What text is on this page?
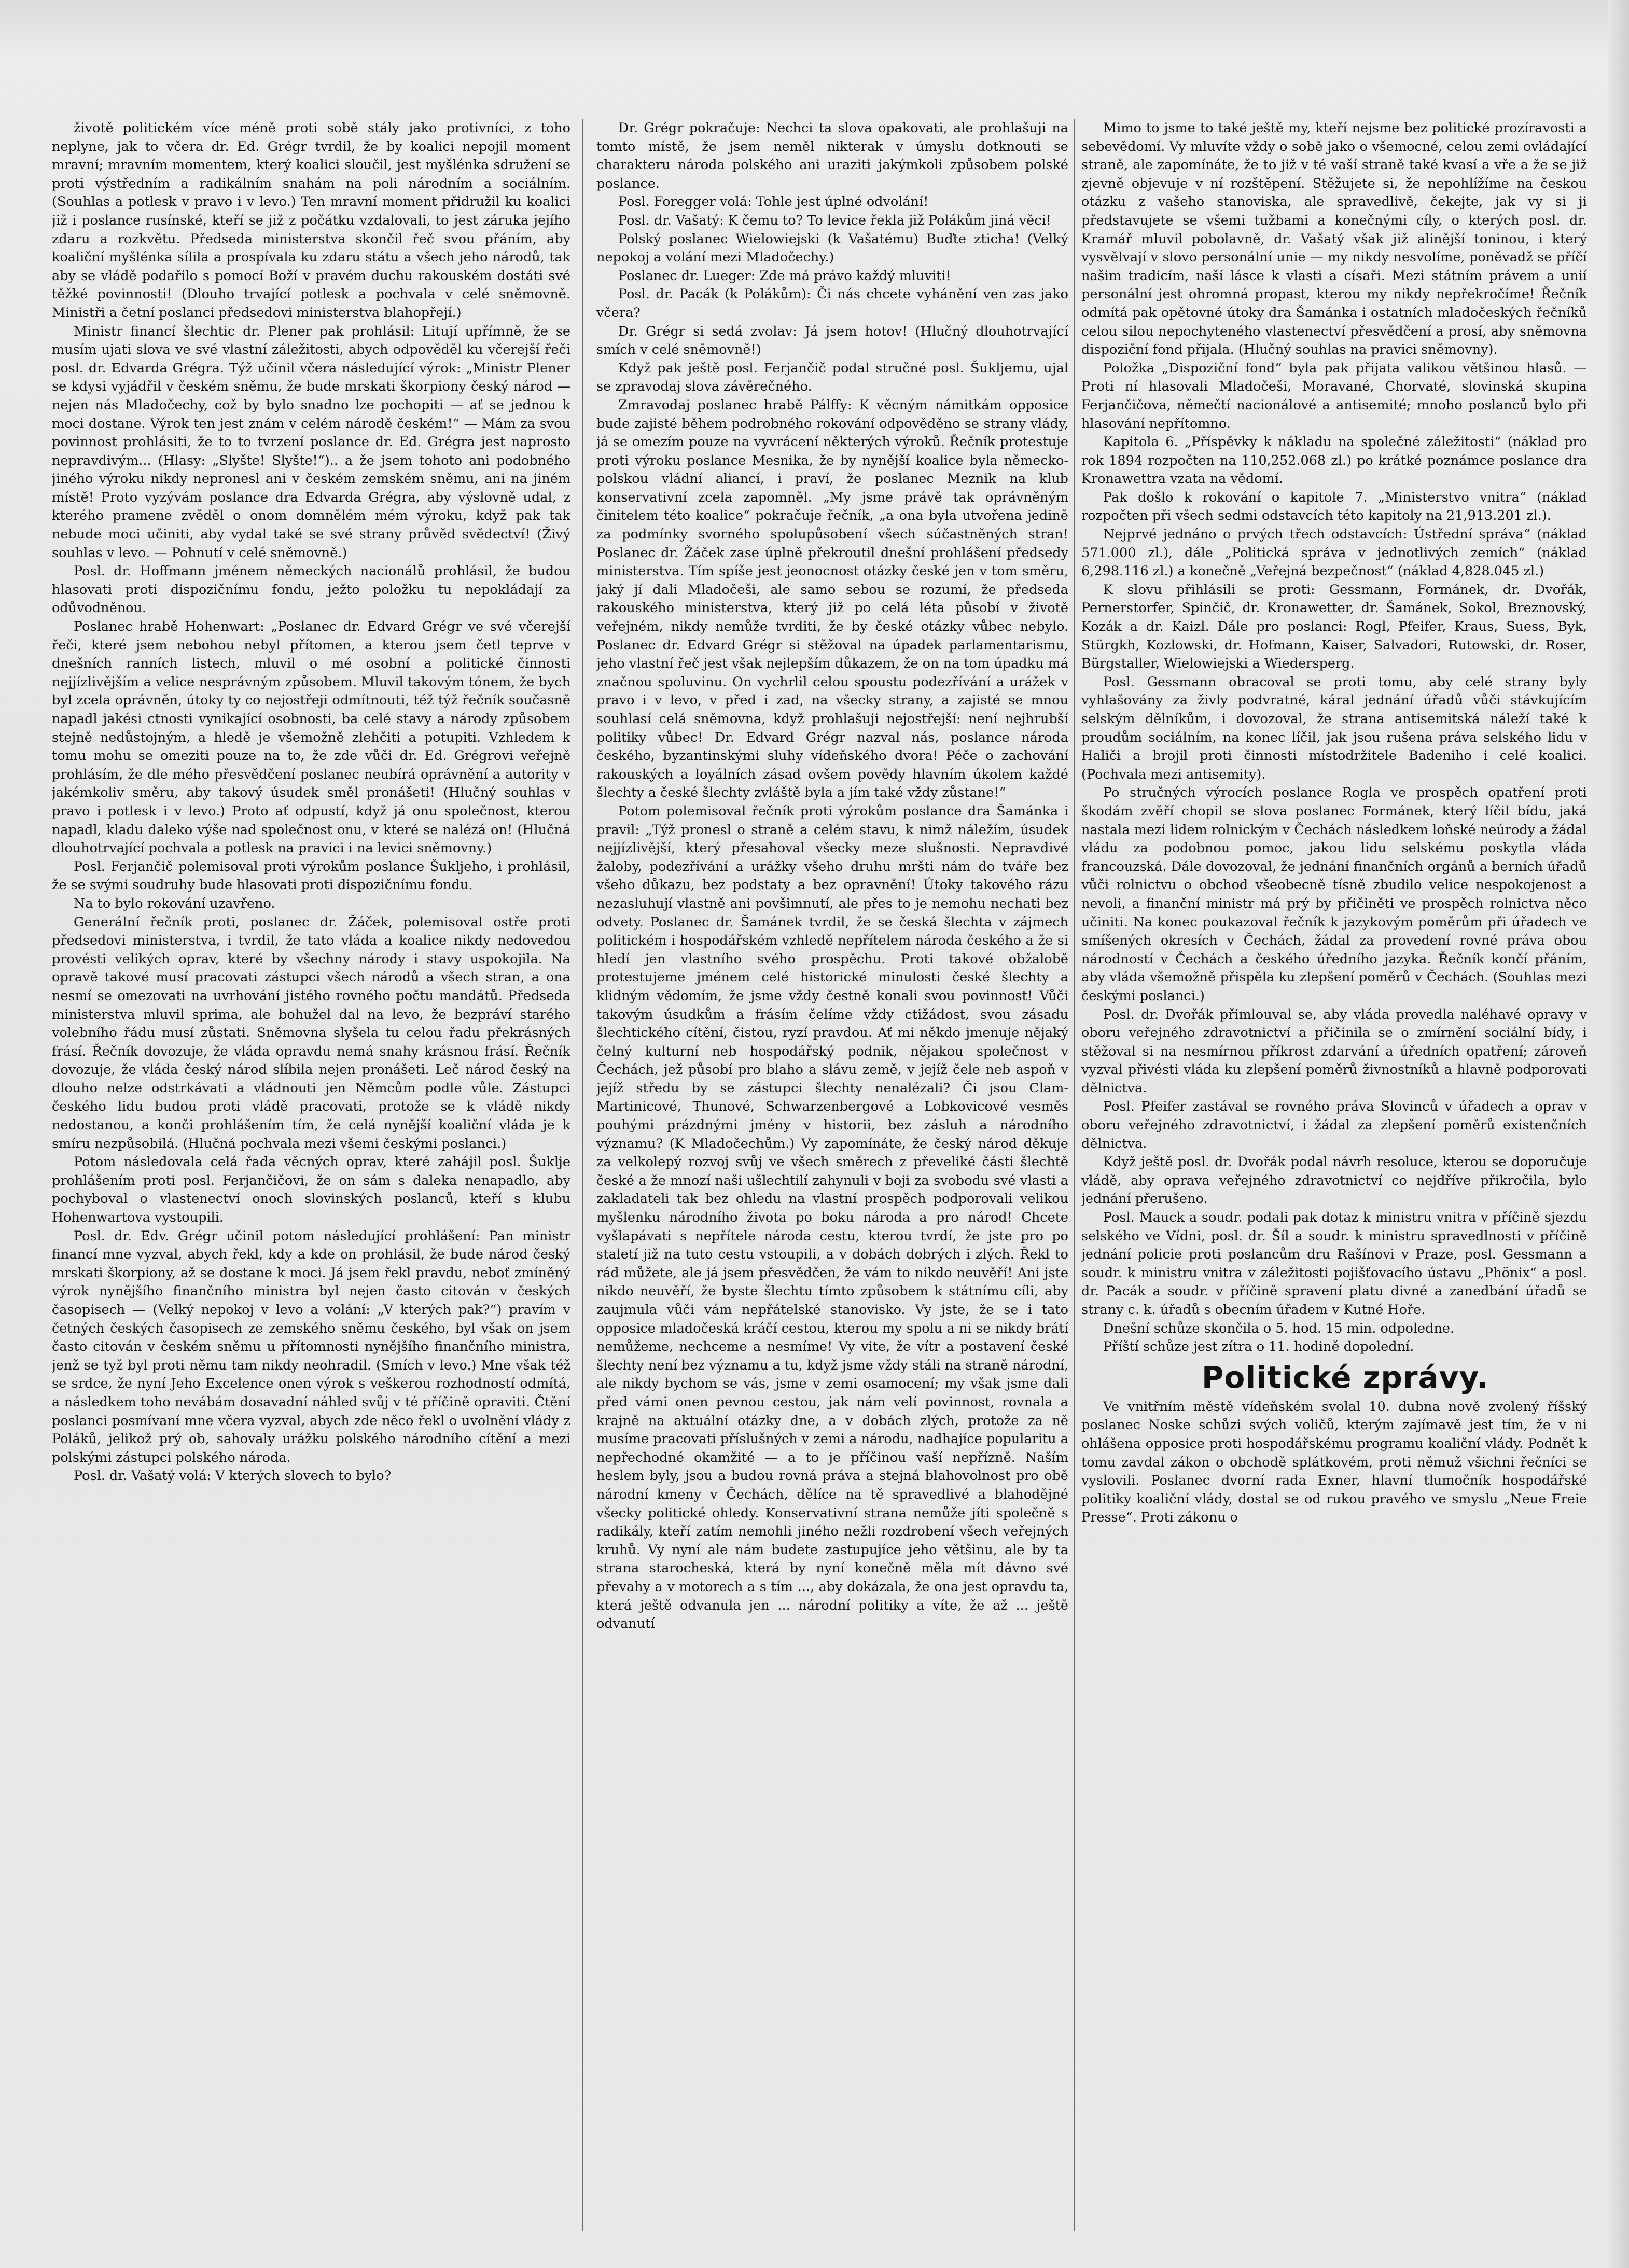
životě politickém více méně proti sobě stály jako protivníci, z toho neplyne, jak to včera dr. Ed. Grégr tvrdil, že by koalici nepojil moment mravní; mravním momentem, který koalici sloučil, jest myšlénka sdružení se proti výstředním a radikálním snahám na poli národním a sociálním. (Souhlas a potlesk v pravo i v levo.) Ten mravní moment přidružil ku koalici již i poslance rusínské, kteří se již z počátku vzdalovali, to jest záruka jejího zdaru a rozkvětu. Předseda ministerstva skončil řeč svou přáním, aby koaliční myšlénka sílila a prospívala ku zdaru státu a všech jeho národů, tak aby se vládě podařilo s pomocí Boží v pravém duchu rakouském dostáti své těžké povinnosti! (Dlouho trvající potlesk a pochvala v celé sněmovně. Ministři a četní poslanci předsedovi ministerstva blahopřejí.)

Ministr financí šlechtic dr. Plener pak prohlásil: Litují upřímně, že se musím ujati slova ve své vlastní záležitosti, abych odpověděl ku včerejší řeči posl. dr. Edvarda Grégra. Týž učinil včera následující výrok: „Ministr Plener se kdysi vyjádřil v českém sněmu, že bude mrskati škorpiony český národ — nejen nás Mladočechy, což by bylo snadno lze pochopiti — ať se jednou k moci dostane. Výrok ten jest znám v celém národě českém!“ — Mám za svou povinnost prohlásiti, že to to tvrzení poslance dr. Ed. Grégra jest naprosto nepravdivým... (Hlasy: „Slyšte! Slyšte!“).. a že jsem tohoto ani podobného jiného výroku nikdy nepronesl ani v českém zemském sněmu, ani na jiném místě! Proto vyzývám poslance dra Edvarda Grégra, aby výslovně udal, z kterého pramene zvěděl o onom domnělém mém výroku, když pak tak nebude moci učiniti, aby vydal také se své strany průvěd svědectví! (Živý souhlas v levo. — Pohnutí v celé sněmovně.)

Posl. dr. Hoffmann jménem německých nacionálů prohlásil, že budou hlasovati proti dispozičnímu fondu, ježto položku tu nepokládají za odůvodněnou.

Poslanec hrabě Hohenwart: „Poslanec dr. Edvard Grégr ve své včerejší řeči, které jsem nebohou nebyl přítomen, a kterou jsem četl teprve v dnešních ranních listech, mluvil o mé osobní a politické činnosti nejjízlivějším a velice nesprávným způsobem. Mluvil takovým tónem, že bych byl zcela oprávněn, útoky ty co nejostřeji odmítnouti, též týž řečník současně napadl jakési ctnosti vynikající osobnosti, ba celé stavy a národy způsobem stejně nedůstojným, a hledě je všemožně zlehčiti a potupiti. Vzhledem k tomu mohu se omeziti pouze na to, že zde vůči dr. Ed. Grégrovi veřejně prohlásím, že dle mého přesvědčení poslanec neubírá oprávnění a autority v jakémkoliv směru, aby takový úsudek směl pronášeti! (Hlučný souhlas v pravo i potlesk i v levo.) Proto ať odpustí, když já onu společnost, kterou napadl, kladu daleko výše nad společnost onu, v které se nalézá on! (Hlučná dlouhotrvající pochvala a potlesk na pravici i na levici sněmovny.)

Posl. Ferjančič polemisoval proti výrokům poslance Šukljeho, i prohlásil, že se svými soudruhy bude hlasovati proti dispozičnímu fondu.

Na to bylo rokování uzavřeno.

Generální řečník proti, poslanec dr. Žáček, polemisoval ostře proti předsedovi ministerstva, i tvrdil, že tato vláda a koalice nikdy nedovedou provésti velikých oprav, které by všechny národy i stavy uspokojila. Na opravě takové musí pracovati zástupci všech národů a všech stran, a ona nesmí se omezovati na uvrhování jistého rovného počtu mandátů. Předseda ministerstva mluvil sprima, ale bohužel dal na levo, že bezpráví starého volebního řádu musí zůstati. Sněmovna slyšela tu celou řadu překrásných frásí. Řečník dovozuje, že vláda opravdu nemá snahy krásnou frásí. Řečník dovozuje, že vláda český národ slíbila nejen pronášeti. Leč národ český na dlouho nelze odstrkávati a vládnouti jen Němcům podle vůle. Zástupci českého lidu budou proti vládě pracovati, protože se k vládě nikdy nedostanou, a konči prohlášením tím, že celá nynější koaliční vláda je k smíru nezpůsobilá. (Hlučná pochvala mezi všemi českými poslanci.)

Potom následovala celá řada věcných oprav, které zahájil posl. Šuklje prohlášením proti posl. Ferjančičovi, že on sám s daleka nenapadlo, aby pochyboval o vlastenectví onoch slovinských poslanců, kteří s klubu Hohenwartova vystoupili.

Posl. dr. Edv. Grégr učinil potom následující prohlášení: Pan ministr financí mne vyzval, abych řekl, kdy a kde on prohlásil, že bude národ český mrskati škorpiony, až se dostane k moci. Já jsem řekl pravdu, neboť zmíněný výrok nynějšího finančního ministra byl nejen často citován v českých časopisech — (Velký nepokoj v levo a volání: „V kterých pak?“) pravím v četných českých časopisech ze zemského sněmu českého, byl však on jsem často citován v českém sněmu u přítomnosti nynějšího finančního ministra, jenž se tyž byl proti němu tam nikdy neohradil. (Smích v levo.) Mne však též se srdce, že nyní Jeho Excelence onen výrok s veškerou rozhodností odmítá, a následkem toho nevábám dosavadní náhled svůj v té příčině opraviti. Čtění poslanci posmívaní mne včera vyzval, abych zde něco řekl o uvolnění vlády z Poláků, jelikož prý ob, sahovaly urážku polského národního cítění a mezi polskými zástupci polského národa.

Posl. dr. Vašatý volá: V kterých slovech to bylo?

Dr. Grégr pokračuje: Nechci ta slova opakovati, ale prohlašuji na tomto místě, že jsem neměl nikterak v úmyslu dotknouti se charakteru národa polského ani uraziti jakýmkoli způsobem polské poslance.

Posl. Foregger volá: Tohle jest úplné odvolání!

Posl. dr. Vašatý: K čemu to? To levice řekla již Polákům jiná věci!

Polský poslanec Wielowiejski (k Vašatému) Buďte zticha! (Velký nepokoj a volání mezi Mladočechy.)

Poslanec dr. Lueger: Zde má právo každý mluviti!

Posl. dr. Pacák (k Polákům): Či nás chcete vyhánění ven zas jako včera?

Dr. Grégr si sedá zvolav: Já jsem hotov! (Hlučný dlouhotrvající smích v celé sněmovně!)

Když pak ještě posl. Ferjančič podal stručné posl. Šukljemu, ujal se zpravodaj slova závěrečného.

Zmravodaj poslanec hrabě Pálffy: K věcným námitkám opposice bude zajisté během podrobného rokování odpověděno se strany vlády, já se omezím pouze na vyvrácení některých výroků. Řečník protestuje proti výroku poslance Mesnika, že by nynější koalice byla německo-polskou vládní aliancí, i praví, že poslanec Meznik na klub konservativní zcela zapomněl. „My jsme právě tak oprávněným činitelem této koalice“ pokračuje řečník, „a ona byla utvořena jedině za podmínky svorného spolupůsobení všech súčastněných stran! Poslanec dr. Žáček zase úplně překroutil dnešní prohlášení předsedy ministerstva. Tím spíše jest jeonocnost otázky české jen v tom směru, jaký jí dali Mladočeši, ale samo sebou se rozumí, že předseda rakouského ministerstva, který již po celá léta působí v životě veřejném, nikdy nemůže tvrditi, že by české otázky vůbec nebylo. Poslanec dr. Edvard Grégr si stěžoval na úpadek parlamentarismu, jeho vlastní řeč jest však nejlepším důkazem, že on na tom úpadku má značnou spoluvinu. On vychrlil celou spoustu podezřívání a urážek v pravo i v levo, v před i zad, na všecky strany, a zajisté se mnou souhlasí celá sněmovna, když prohlašuji nejostřejší: není nejhrubší politiky vůbec! Dr. Edvard Grégr nazval nás, poslance národa českého, byzantinskými sluhy vídeňského dvora! Péče o zachování rakouských a loyálních zásad ovšem povědy hlavním úkolem každé šlechty a české šlechty zvláště byla a jím také vždy zůstane!“

Potom polemisoval řečník proti výrokům poslance dra Šamánka i pravil: „Týž pronesl o straně a celém stavu, k nimž náležím, úsudek nejjízlivější, který přesahoval všecky meze slušnosti. Nepravdivé žaloby, podezřívání a urážky všeho druhu mršti nám do tváře bez všeho důkazu, bez podstaty a bez opravnění! Útoky takového rázu nezasluhují vlastně ani povšimnutí, ale přes to je nemohu nechati bez odvety. Poslanec dr. Šamánek tvrdil, že se česká šlechta v zájmech politickém i hospodářském vzhledě nepřítelem národa českého a že si hledí jen vlastního svého prospěchu. Proti takové obžalobě protestujeme jménem celé historické minulosti české šlechty a klidným vědomím, že jsme vždy čestně konali svou povinnost! Vůči takovým úsudkům a frásím čelíme vždy ctižádost, svou zásadu šlechtického cítění, čistou, ryzí pravdou. Ať mi někdo jmenuje nějaký čelný kulturní neb hospodářský podnik, nějakou společnost v Čechách, jež působí pro blaho a slávu země, v jejíž čele neb aspoň v jejíž středu by se zástupci šlechty nenalézali? Či jsou Clam-Martinicové, Thunové, Schwarzenbergové a Lobkovicové vesměs pouhými prázdnými jmény v historii, bez zásluh a národního významu? (K Mladočechům.) Vy zapomínáte, že český národ děkuje za velkolepý rozvoj svůj ve všech směrech z převeliké části šlechtě české a že mnozí naši ušlechtilí zahynuli v boji za svobodu své vlasti a zakladateli tak bez ohledu na vlastní prospěch podporovali velikou myšlenku národního života po boku národa a pro národ! Chcete vyšlapávati s nepřítele národa cestu, kterou tvrdí, že jste pro po staletí již na tuto cestu vstoupili, a v dobách dobrých i zlých. Řekl to rád můžete, ale já jsem přesvědčen, že vám to nikdo neuvěří! Ani jste nikdo neuvěří, že byste šlechtu tímto způsobem k státnímu cíli, aby zaujmula vůči vám nepřátelské stanovisko. Vy jste, že se i tato opposice mladočeská kráčí cestou, kterou my spolu a ni se nikdy brátí nemůžeme, nechceme a nesmíme! Vy vite, že vítr a postavení české šlechty není bez významu a tu, když jsme vždy stáli na straně národní, ale nikdy bychom se vás, jsme v zemi osamocení; my však jsme dali před vámi onen pevnou cestou, jak nám velí povinnost, rovnala a krajně na aktuální otázky dne, a v dobách zlých, protože za ně musíme pracovati příslušných v zemi a národu, nadhajíce popularitu a nepřechodné okamžité — a to je příčinou vaší nepřízně. Naším heslem byly, jsou a budou rovná práva a stejná blahovolnost pro obě národní kmeny v Čechách, dělíce na tě spravedlivé a blahodějné všecky politické ohledy. Konservativní strana nemůže jíti společně s radikály, kteří zatím nemohli jiného nežli rozdrobení všech veřejných kruhů. Vy nyní ale nám budete zastupujíce jeho většinu, ale by ta strana starocheská, která by nyní konečně měla mít dávno své převahy a v motorech a s tím ..., aby dokázala, že ona jest opravdu ta, která ještě odvanula jen ... národní politiky a víte, že až ... ještě odvanutí

Mimo to jsme to také ještě my, kteří nejsme bez politické prozíravosti a sebevědomí. Vy mluvíte vždy o sobě jako o všemocné, celou zemi ovládající straně, ale zapomínáte, že to již v té vaší straně také kvasí a vře a že se již zjevně objevuje v ní rozštěpení. Stěžujete si, že nepohlížíme na českou otázku z vašeho stanoviska, ale spravedlivě, čekejte, jak vy si ji představujete se všemi tužbami a konečnými cíly, o kterých posl. dr. Kramář mluvil pobolavně, dr. Vašatý však již alinější toninou, i který vysvělvají v slovo personální unie — my nikdy nesvolíme, poněvadž se příčí našim tradicím, naší lásce k vlasti a císaři. Mezi státním právem a unií personální jest ohromná propast, kterou my nikdy nepřekročíme! Řečník odmítá pak opětovné útoky dra Šamánka i ostatních mladočeských řečníků celou silou nepochyteného vlastenectví přesvědčení a prosí, aby sněmovna dispoziční fond přijala. (Hlučný souhlas na pravici sněmovny).

Položka „Dispoziční fond“ byla pak přijata valikou většinou hlasů. — Proti ní hlasovali Mladočeši, Moravané, Chorvaté, slovinská skupina Ferjančičova, němečtí nacionálové a antisemité; mnoho poslanců bylo při hlasování nepřítomno.

Kapitola 6. „Příspěvky k nákladu na společné záležitosti“ (náklad pro rok 1894 rozpočten na 110,252.068 zl.) po krátké poznámce poslance dra Kronawettra vzata na vědomí.

Pak došlo k rokování o kapitole 7. „Ministerstvo vnitra“ (náklad rozpočten při všech sedmi odstavcích této kapitoly na 21,913.201 zl.).

Nejprvé jednáno o prvých třech odstavcích: Ústřední správa“ (náklad 571.000 zl.), dále „Politická správa v jednotlivých zemích“ (náklad 6,298.116 zl.) a konečně „Veřejná bezpečnost“ (náklad 4,828.045 zl.)

K slovu přihlásili se proti: Gessmann, Formánek, dr. Dvořák, Pernerstorfer, Spinčič, dr. Kronawetter, dr. Šamánek, Sokol, Breznovský, Kozák a dr. Kaizl. Dále pro poslanci: Rogl, Pfeifer, Kraus, Suess, Byk, Stürgkh, Kozlowski, dr. Hofmann, Kaiser, Salvadori, Rutowski, dr. Roser, Bürgstaller, Wielowiejski a Wiedersperg.

Posl. Gessmann obracoval se proti tomu, aby celé strany byly vyhlašovány za živly podvratné, káral jednání úřadů vůči stávkujícím selským dělníkům, i dovozoval, že strana antisemitská náleží také k proudům sociálním, na konec líčil, jak jsou rušena práva selského lidu v Haliči a brojil proti činnosti místodržitele Badeniho i celé koalici. (Pochvala mezi antisemity).

Po stručných výrocích poslance Rogla ve prospěch opatření proti škodám zvěří chopil se slova poslanec Formánek, který líčil bídu, jaká nastala mezi lidem rolnickým v Čechách následkem loňské neúrody a žádal vládu za podobnou pomoc, jakou lidu selskému poskytla vláda francouzská. Dále dovozoval, že jednání finančních orgánů a berních úřadů vůči rolnictvu o obchod všeobecně tísně zbudilo velice nespokojenost a nevoli, a finanční ministr má prý by přičiněti ve prospěch rolnictva něco učiniti. Na konec poukazoval řečník k jazykovým poměrům při úřadech ve smíšených okresích v Čechách, žádal za provedení rovné práva obou národností v Čechách a českého úředního jazyka. Řečník končí přáním, aby vláda všemožně přispěla ku zlepšení poměrů v Čechách. (Souhlas mezi českými poslanci.)

Posl. dr. Dvořák přimlouval se, aby vláda provedla naléhavé opravy v oboru veřejného zdravotnictví a přičinila se o zmírnění sociální bídy, i stěžoval si na nesmírnou příkrost zdarvání a úředních opatření; zároveň vyzval přivésti vláda ku zlepšení poměrů živnostníků a hlavně podporovati dělnictva.

Posl. Pfeifer zastával se rovného práva Slovinců v úřadech a oprav v oboru veřejného zdravotnictví, i žádal za zlepšení poměrů existenčních dělnictva.

Když ještě posl. dr. Dvořák podal návrh resoluce, kterou se doporučuje vládě, aby oprava veřejného zdravotnictví co nejdříve přikročila, bylo jednání přerušeno.

Posl. Mauck a soudr. podali pak dotaz k ministru vnitra v příčině sjezdu selského ve Vídni, posl. dr. Šíl a soudr. k ministru spravedlnosti v příčině jednání policie proti poslancům dru Rašínovi v Praze, posl. Gessmann a soudr. k ministru vnitra v záležitosti pojišťovacího ústavu „Phönix“ a posl. dr. Pacák a soudr. v příčině spravení platu divné a zanedbání úřadů se strany c. k. úřadů s obecním úřadem v Kutné Hoře.

Dnešní schůze skončila o 5. hod. 15 min. odpoledne.

Příští schůze jest zítra o 11. hodině dopolední.

Politické zprávy.

Ve vnitřním městě vídeňském svolal 10. dubna nově zvolený říšský poslanec Noske schůzi svých voličů, kterým zajímavě jest tím, že v ni ohlášena opposice proti hospodářskému programu koaliční vlády. Podnět k tomu zavdal zákon o obchodě splátkovém, proti němuž všichni řečníci se vyslovili. Poslanec dvorní rada Exner, hlavní tlumočník hospodářské politiky koaliční vlády, dostal se od rukou pravého ve smyslu „Neue Freie Presse“. Proti zákonu o
